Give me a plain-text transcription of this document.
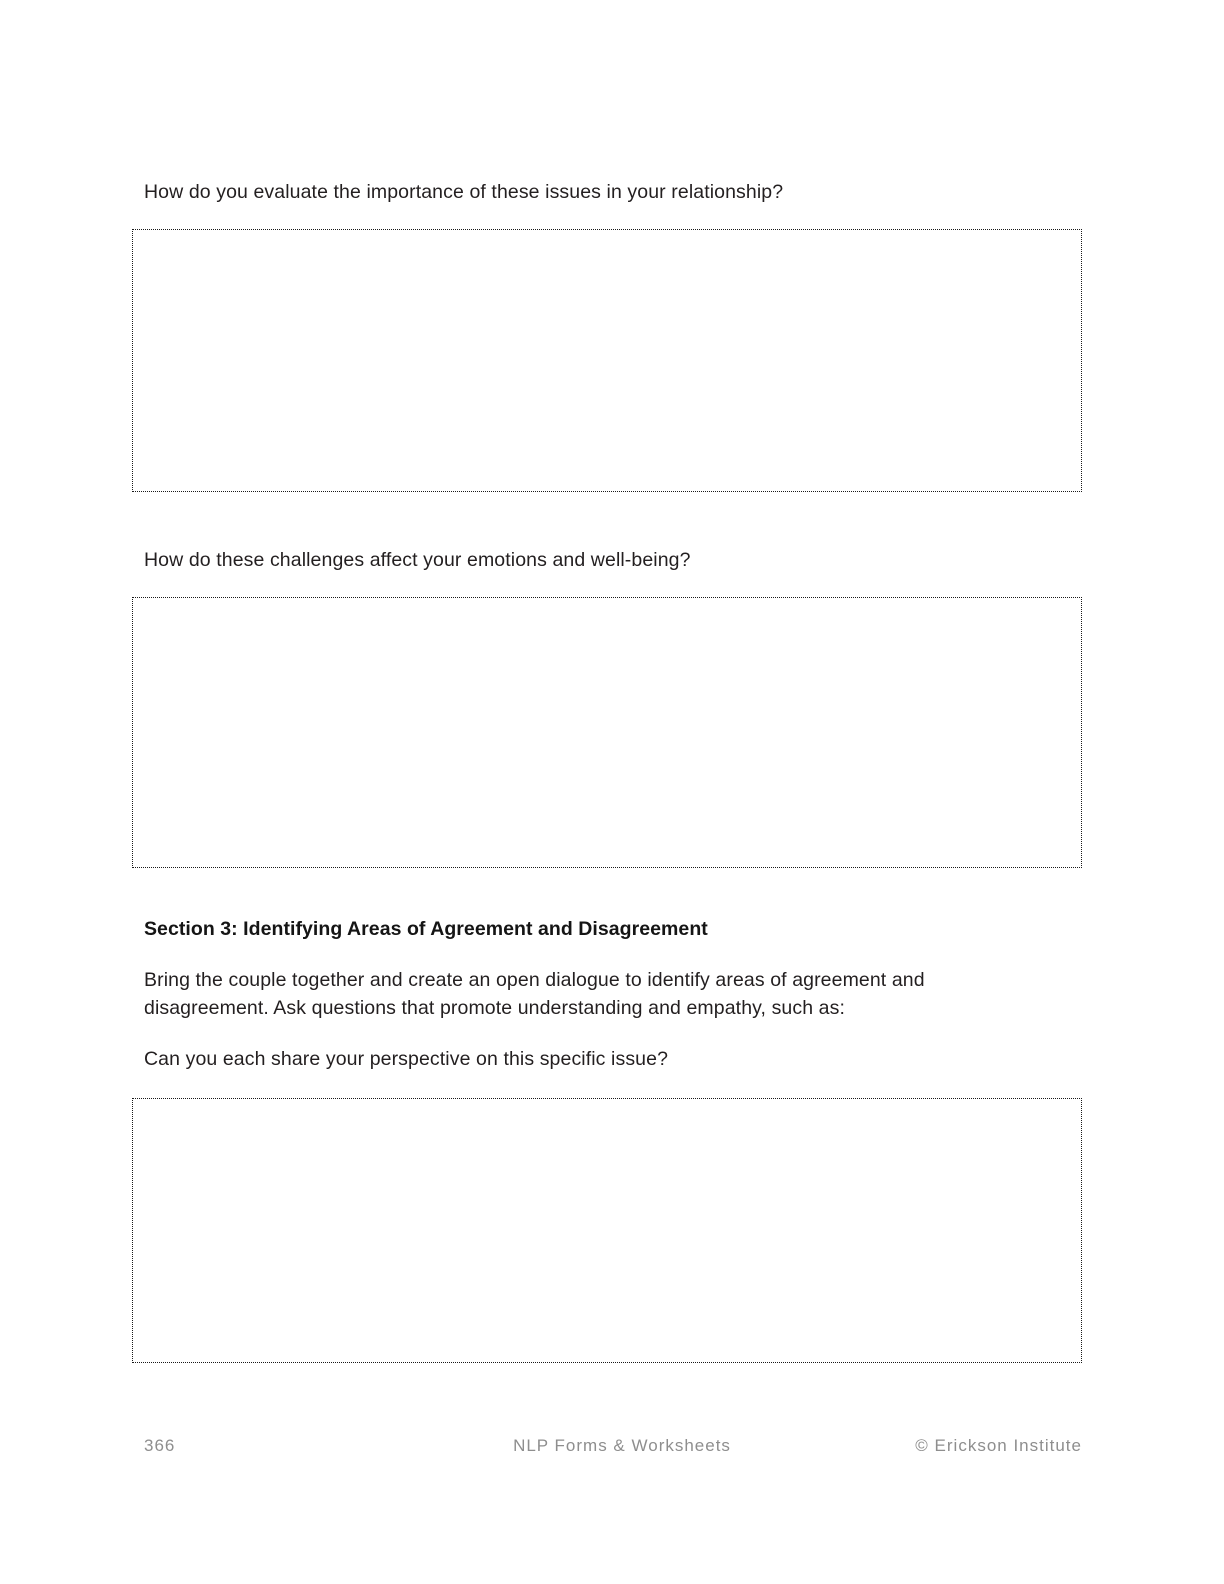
How do you evaluate the importance of these issues in your relationship?
How do these challenges affect your emotions and well-being?
Section 3: Identifying Areas of Agreement and Disagreement
Bring the couple together and create an open dialogue to identify areas of agreement and
disagreement. Ask questions that promote understanding and empathy, such as:
Can you each share your perspective on this specific issue?
366	NLP Forms & Worksheets	© Erickson Institute
